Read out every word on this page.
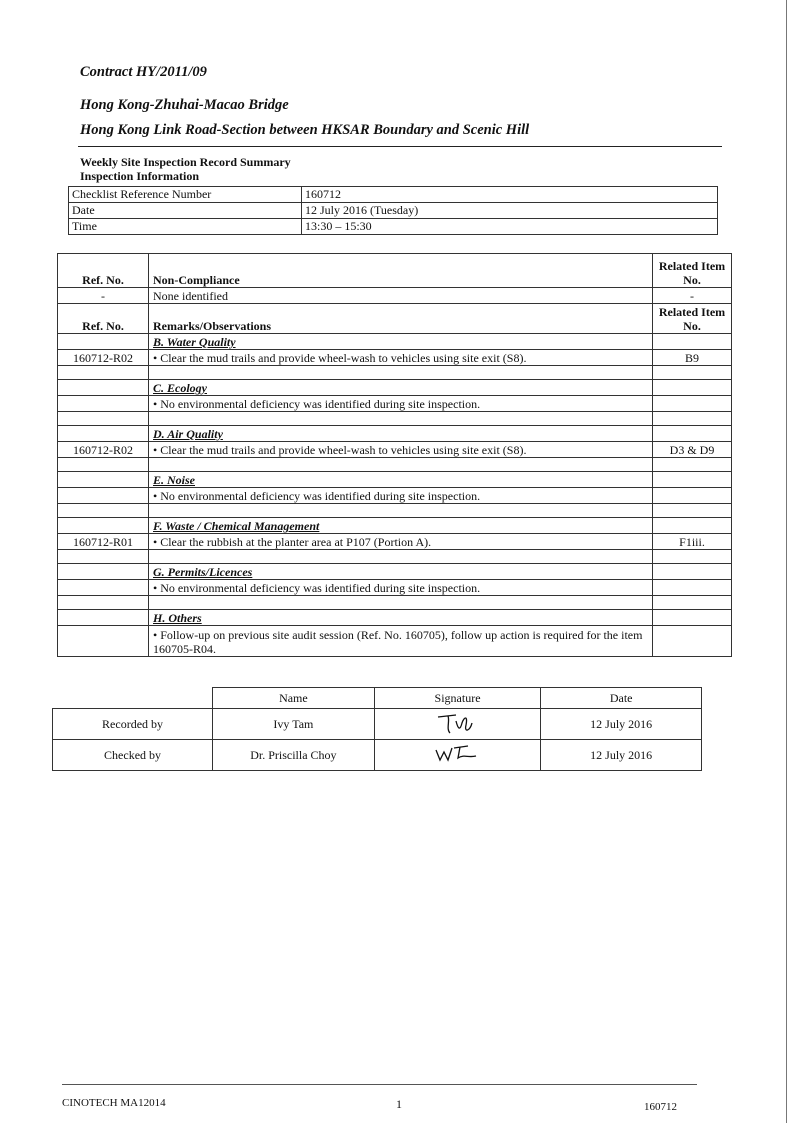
Contract HY/2011/09
Hong Kong-Zhuhai-Macao Bridge
Hong Kong Link Road-Section between HKSAR Boundary and Scenic Hill
Weekly Site Inspection Record Summary
Inspection Information
Checklist Reference Number	160712
Date	12 July 2016 (Tuesday)
Time	13:30 – 15:30
Ref. No.	Non-Compliance	Related Item No.
-	None identified	-
Ref. No.	Remarks/Observations	Related Item No.
	B. Water Quality	
160712-R02	• Clear the mud trails and provide wheel-wash to vehicles using site exit (S8).	B9

	C. Ecology	
	• No environmental deficiency was identified during site inspection.	

	D. Air Quality	
160712-R02	• Clear the mud trails and provide wheel-wash to vehicles using site exit (S8).	D3 & D9

	E. Noise	
	• No environmental deficiency was identified during site inspection.	

	F. Waste / Chemical Management	
160712-R01	• Clear the rubbish at the planter area at P107 (Portion A).	F1iii.

	G. Permits/Licences	
	• No environmental deficiency was identified during site inspection.	

	H. Others	
	• Follow-up on previous site audit session (Ref. No. 160705), follow up action is required for the item 160705-R04.	
	Name	Signature	Date
Recorded by	Ivy Tam		12 July 2016
Checked by	Dr. Priscilla Choy		12 July 2016
CINOTECH MA12014	1	160712
